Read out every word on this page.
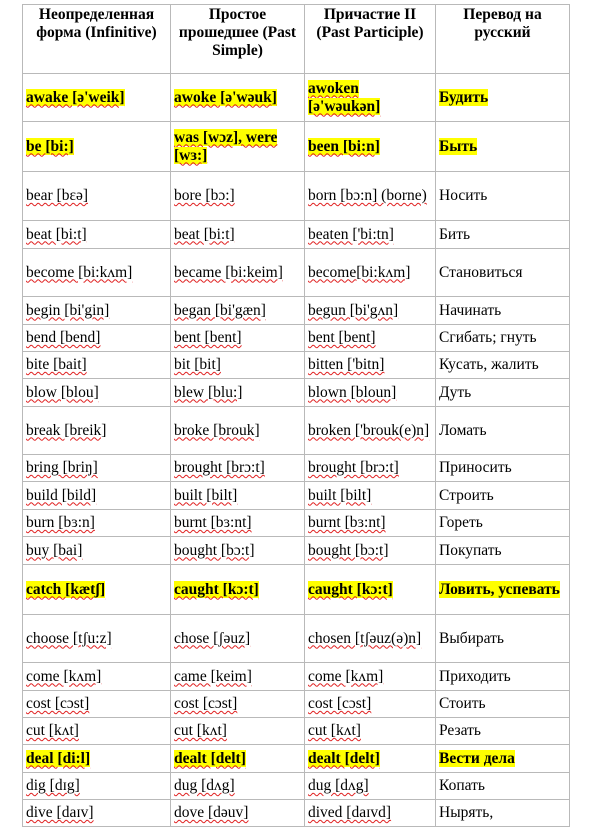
Неопределенная форма (Infinitive)	Простое прошедшее (Past Simple)	Причастие II (Past Participle)	Перевод на русский
awake [ə'weik]	awoke [ə'wəuk]	awoken [ə'wəukən]	Будить
be [bi:]	was [wɔz], were [wɜ:]	been [bi:n]	Быть
bear [bɛə]	bore [bɔ:]	born [bɔ:n] (borne)	Носить
beat [bi:t]	beat [bi:t]	beaten ['bi:tn]	Бить
become [bi:kʌm]	became [bi:keim]	become[bi:kʌm]	Становиться
begin [bi'gin]	began [bi'gæn]	begun [bi'gʌn]	Начинать
bend [bend]	bent [bent]	bent [bent]	Сгибать; гнуть
bite [bait]	bit [bit]	bitten ['bitn]	Кусать, жалить
blow [blou]	blew [blu:]	blown [bloun]	Дуть
break [breik]	broke [brouk]	broken ['brouk(e)n]	Ломать
bring [briŋ]	brought [brɔ:t]	brought [brɔ:t]	Приносить
build [bild]	built [bilt]	built [bilt]	Строить
burn [bɜ:n]	burnt [bɜ:nt]	burnt [bɜ:nt]	Гореть
buy [bai]	bought [bɔ:t]	bought [bɔ:t]	Покупать
catch [kætʃ]	caught [kɔ:t]	caught [kɔ:t]	Ловить, успевать
choose [tʃu:z]	chose [ʃəuz]	chosen [tʃəuz(ə)n]	Выбирать
come [kʌm]	came [keim]	come [kʌm]	Приходить
cost [cɔst]	cost [cɔst]	cost [cɔst]	Стоить
cut [kʌt]	cut [kʌt]	cut [kʌt]	Резать
deal [di:l]	dealt [delt]	dealt [delt]	Вести дела
dig [dɪg]	dug [dʌg]	dug [dʌg]	Копать
dive [daɪv]	dove [dəuv]	dived [daɪvd]	Нырять,
